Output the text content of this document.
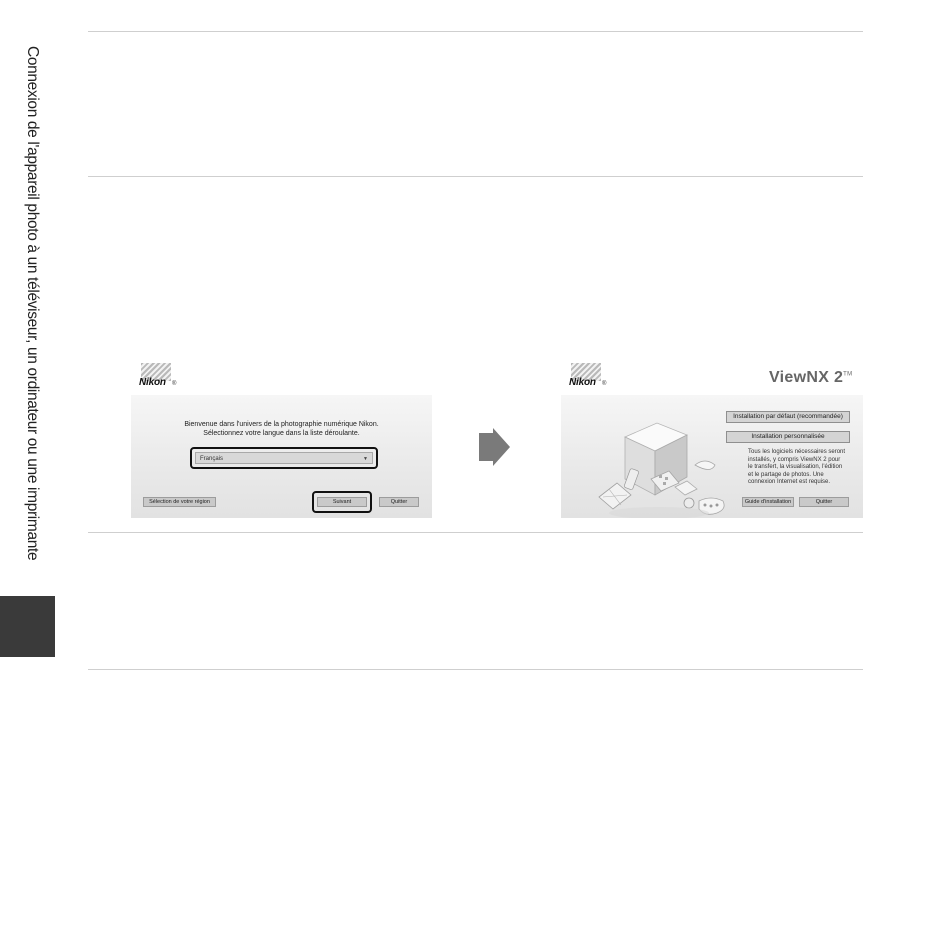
Connexion de l'appareil photo à un téléviseur, un ordinateur ou une imprimante	Nikon ®
Bienvenue dans l'univers de la photographie numérique Nikon.
Sélectionnez votre langue dans la liste déroulante.
Français	▼
Sélection de votre région	Suivant	Quitter
Nikon ®	ViewNX 2™
Installation par défaut (recommandée)
Installation personnalisée
Tous les logiciels nécessaires seront
installés, y compris ViewNX 2 pour
le transfert, la visualisation, l'édition
et le partage de photos. Une
connexion Internet est requise.
Guide d'installation	Quitter
